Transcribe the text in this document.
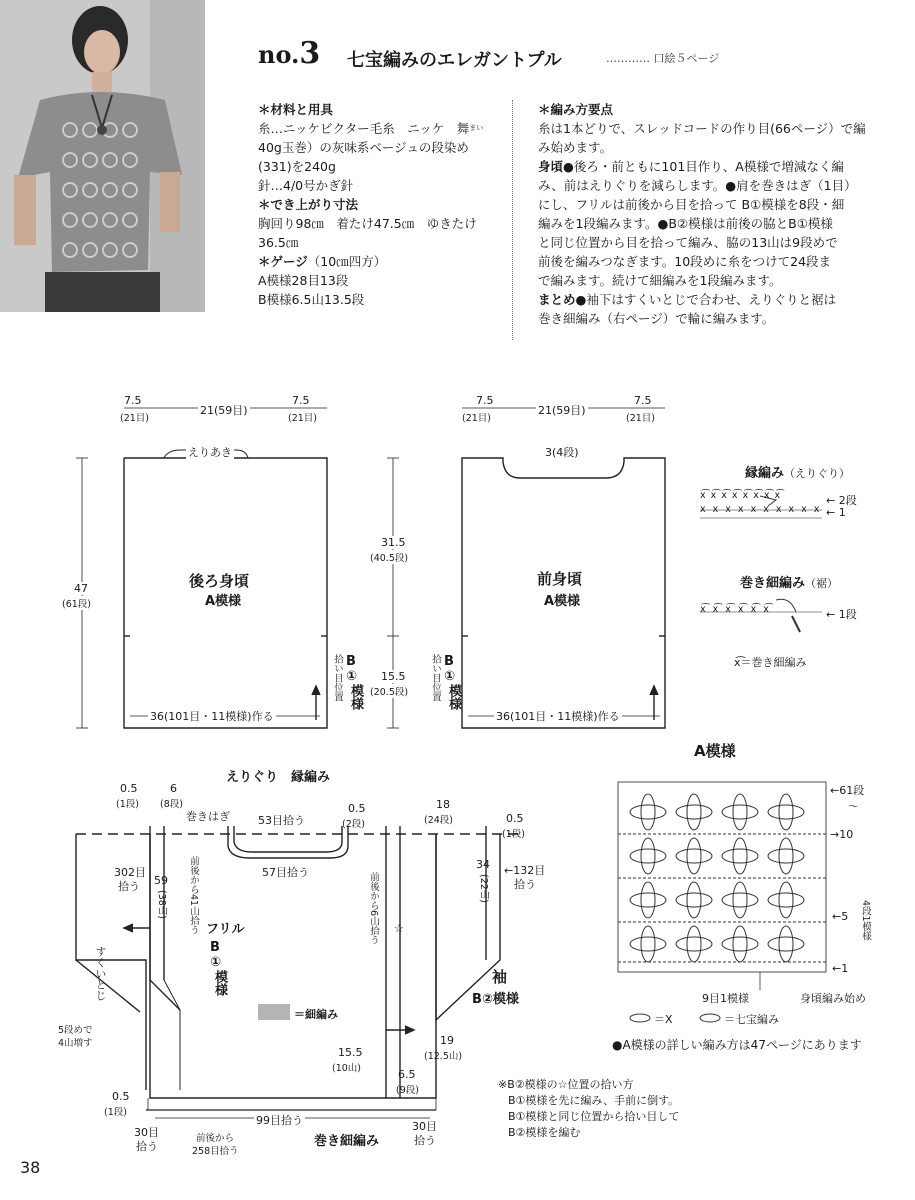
no.3 七宝編みのエレガントプル	………… 口絵５ページ
＊材料と用具
糸…ニッケビクター毛糸　ニッケ　舞$^{まい}$
40g玉巻）の灰味系ベージュの段染め
(331)を240g
針…4/0号かぎ針
＊でき上がり寸法
胸回り98㎝　着たけ47.5㎝　ゆきたけ
36.5㎝
＊ゲージ（10㎝四方）
A模様28目13段
B模様6.5山13.5段
＊編み方要点
糸は1本どりで、スレッドコードの作り目(66ページ）で編
み始めます。
身頃●後ろ・前ともに101目作り、A模様で増減なく編
み、前はえりぐりを減らします。●肩を巻きはぎ（1目）
にし、フリルは前後から目を拾って B①模様を8段・細
編みを1段編みます。●B②模様は前後の脇とB①模様
と同じ位置から目を拾って編み、脇の13山は9段めで
前後を編みつなぎます。10段めに糸をつけて24段ま
で編みます。続けて細編みを1段編みます。
まとめ●袖下はすくいとじで合わせ、えりぐりと裾は
巻き細編み（右ページ）で輪に編みます。
7.5
(21目)
21(59目)
7.5
(21目)
えりあき
47
(61段)
後ろ身頃
A模様
36(101目・11模様)作る
拾い目位置 B
①
模様
31.5
(40.5段)
15.5
(20.5段)
7.5
(21目)
21(59目)
7.5
(21目)
3(4段)
前身頃
A模様
36(101目・11模様)作る
拾い目位置 B
①
模様
縁編み（えりぐり）
x͡ x͡ x͡ x͡ x͡ x͡ x͡ x͡
x x x x x x x x x x
← 2段
← 1
巻き細編み（裾）
x͡ x͡ x͡ x͡ x͡ x͡	← 1段
x͡＝巻き細編み
えりぐり　縁編み
0.5
(1段)
6
(8段)
巻きはぎ	53目拾う
57目拾う
0.5
(2段)
18
(24段)	0.5
(1段)
302目
拾う 59
(38山) 前後から41山拾う フリル
B
①
模様
すくいとじ
5段めで
4山増す
前後から6山拾う ☆
34
(22山)
←132目
拾う
袖
B②模様
＝細編み
15.5
(10山)	6.5
(9段)
19
(12.5山)
0.5
(1段)
30目
拾う
99目拾う
前後から
258目拾う
巻き細編み
30目
拾う
A模様
←61段
～
→10
←5 4段1模様
←1
9目1模様	身頃編み始め
＝X	＝七宝編み
●A模様の詳しい編み方は47ページにあります
※B②模様の☆位置の拾い方
B①模様を先に編み、手前に倒す。
B①模様と同じ位置から拾い目して
B②模様を編む
38
